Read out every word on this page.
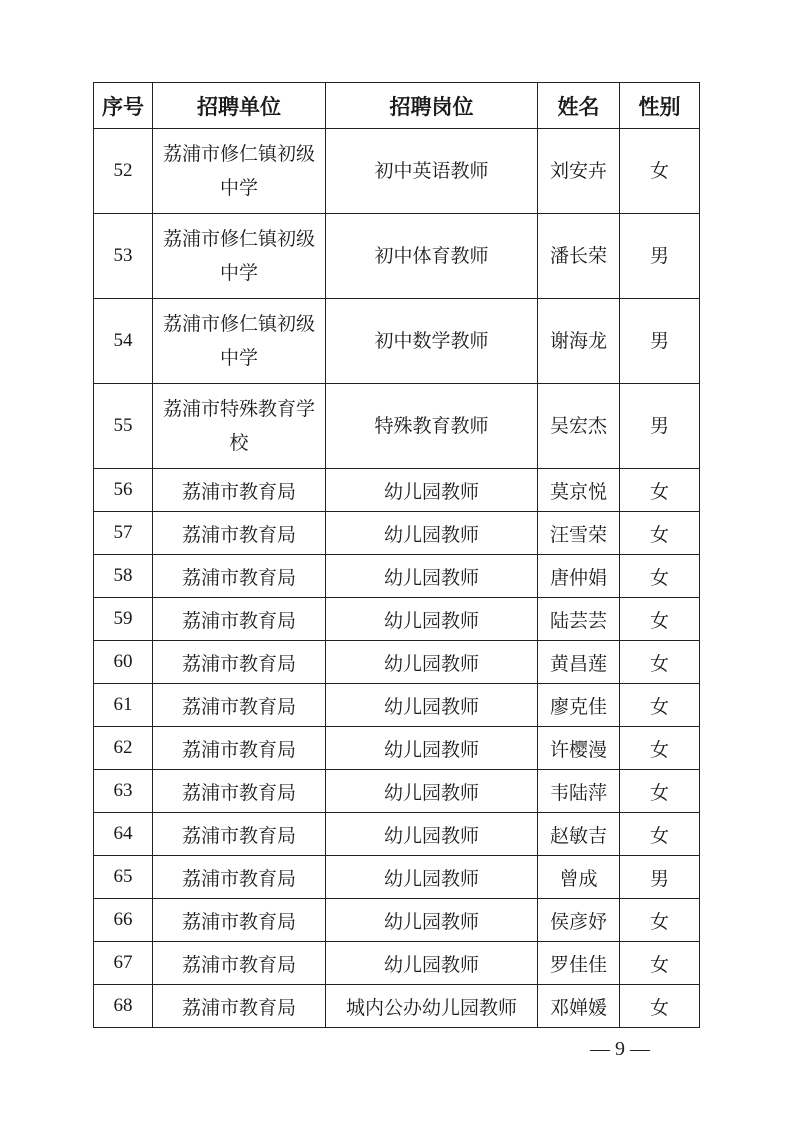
序号	招聘单位	招聘岗位	姓名	性别
52	荔浦市修仁镇初级中学	初中英语教师	刘安卉	女
53	荔浦市修仁镇初级中学	初中体育教师	潘长荣	男
54	荔浦市修仁镇初级中学	初中数学教师	谢海龙	男
55	荔浦市特殊教育学校	特殊教育教师	吴宏杰	男
56	荔浦市教育局	幼儿园教师	莫京悦	女
57	荔浦市教育局	幼儿园教师	汪雪荣	女
58	荔浦市教育局	幼儿园教师	唐仲娟	女
59	荔浦市教育局	幼儿园教师	陆芸芸	女
60	荔浦市教育局	幼儿园教师	黄昌莲	女
61	荔浦市教育局	幼儿园教师	廖克佳	女
62	荔浦市教育局	幼儿园教师	许樱漫	女
63	荔浦市教育局	幼儿园教师	韦陆萍	女
64	荔浦市教育局	幼儿园教师	赵敏吉	女
65	荔浦市教育局	幼儿园教师	曾成	男
66	荔浦市教育局	幼儿园教师	侯彦妤	女
67	荔浦市教育局	幼儿园教师	罗佳佳	女
68	荔浦市教育局	城内公办幼儿园教师	邓婵媛	女
— 9 —
